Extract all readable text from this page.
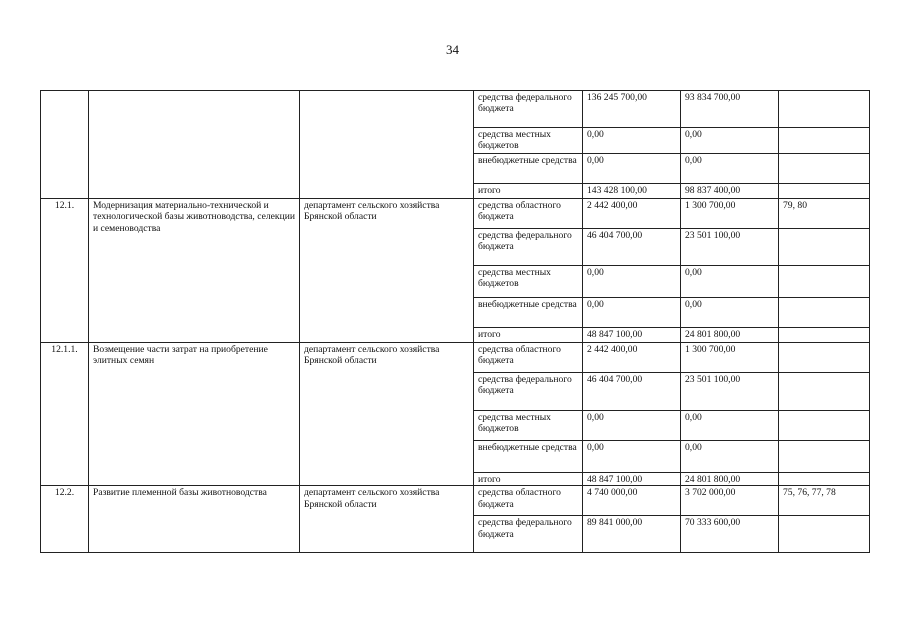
34
			средства федерального бюджета	136 245 700,00	93 834 700,00	
			средства местных бюджетов	0,00	0,00	
			внебюджетные средства	0,00	0,00	
			итого	143 428 100,00	98 837 400,00	
12.1.	Модернизация материально-технической и технологической базы животноводства, селекции и семеноводства	департамент сельского хозяйства Брянской области	средства областного бюджета	2 442 400,00	1 300 700,00	79, 80
			средства федерального бюджета	46 404 700,00	23 501 100,00	
			средства местных бюджетов	0,00	0,00	
			внебюджетные средства	0,00	0,00	
			итого	48 847 100,00	24 801 800,00	
12.1.1.	Возмещение части затрат на приобретение элитных семян	департамент сельского хозяйства Брянской области	средства областного бюджета	2 442 400,00	1 300 700,00	
			средства федерального бюджета	46 404 700,00	23 501 100,00	
			средства местных бюджетов	0,00	0,00	
			внебюджетные средства	0,00	0,00	
			итого	48 847 100,00	24 801 800,00	
12.2.	Развитие племенной базы животноводства	департамент сельского хозяйства Брянской области	средства областного бюджета	4 740 000,00	3 702 000,00	75, 76, 77, 78
			средства федерального бюджета	89 841 000,00	70 333 600,00	
